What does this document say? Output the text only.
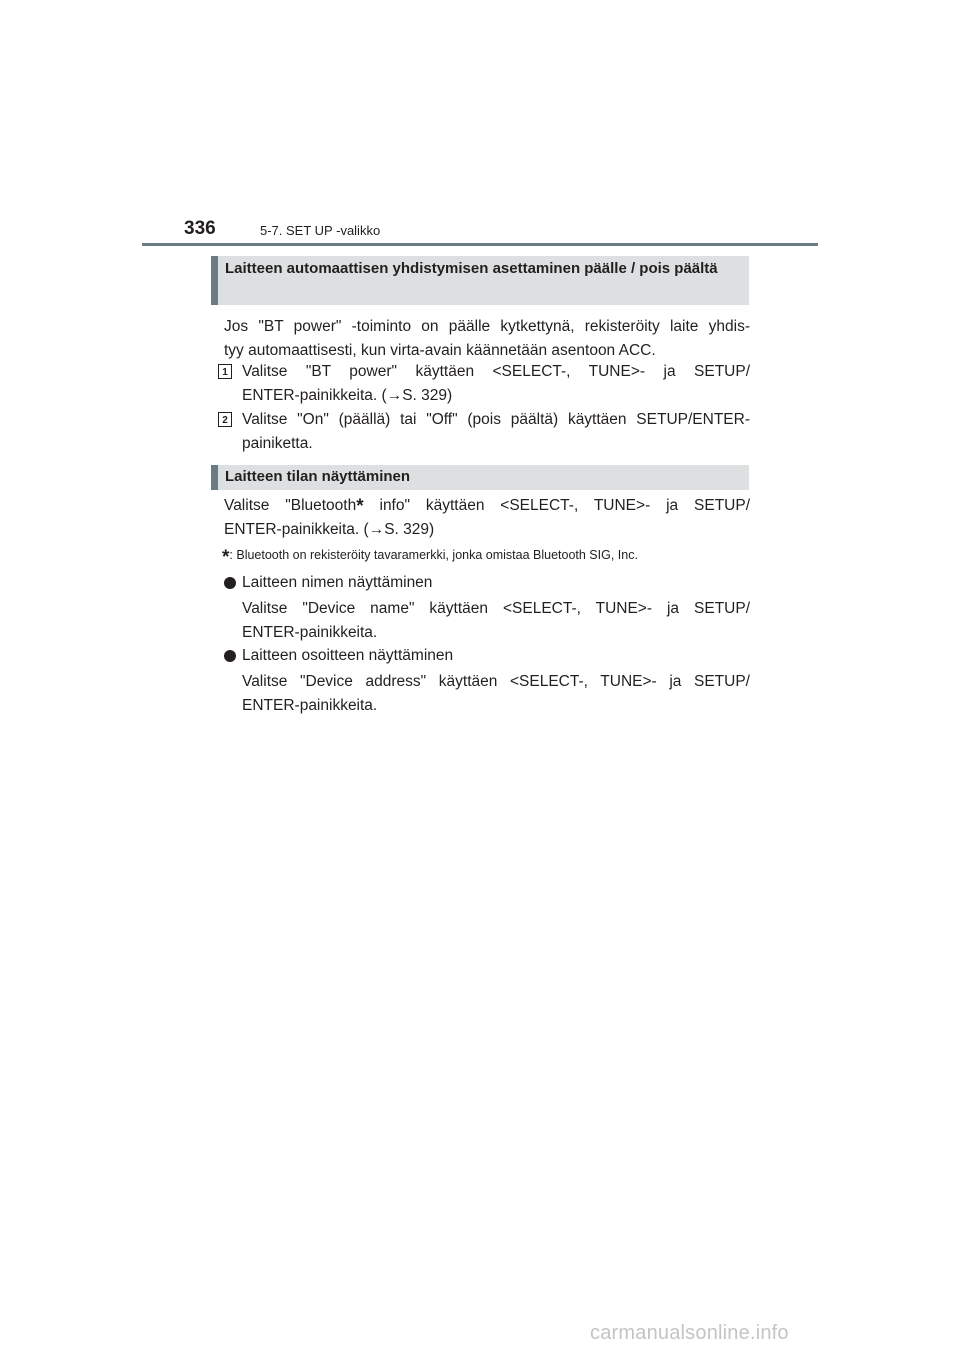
336	5-7. SET UP -valikko
Laitteen automaattisen yhdistymisen asettaminen päälle / pois päältä

Jos "BT power" -toiminto on päälle kytkettynä, rekisteröity laite yhdis-
tyy automaattisesti, kun virta-avain käännetään asentoon ACC.

1 Valitse "BT power" käyttäen <SELECT-, TUNE>- ja SETUP/
ENTER-painikkeita. (→S. 329)

2 Valitse "On" (päällä) tai "Off" (pois päältä) käyttäen SETUP/ENTER-
painiketta.

Laitteen tilan näyttäminen

Valitse "Bluetooth* info" käyttäen <SELECT-, TUNE>- ja SETUP/
ENTER-painikkeita. (→S. 329)

*: Bluetooth on rekisteröity tavaramerkki, jonka omistaa Bluetooth SIG, Inc.
Laitteen nimen näyttäminen

Valitse "Device name" käyttäen <SELECT-, TUNE>- ja SETUP/
ENTER-painikkeita.

Laitteen osoitteen näyttäminen

Valitse "Device address" käyttäen <SELECT-, TUNE>- ja SETUP/
ENTER-painikkeita.

carmanualsonline.info
